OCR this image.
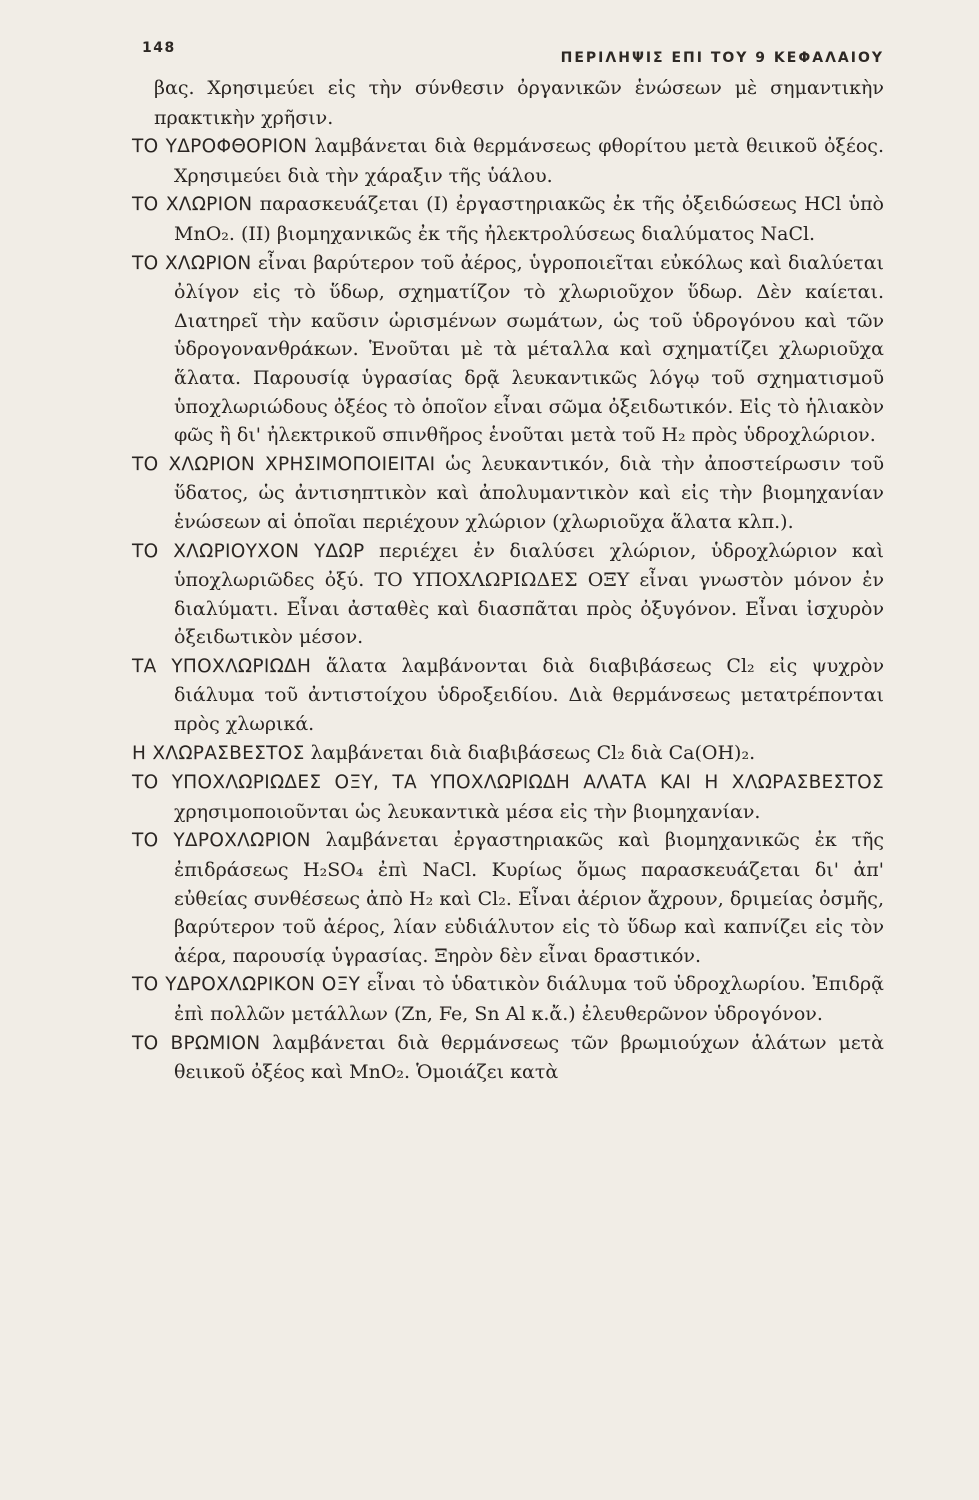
148
ΠΕΡΙΛΗΨΙΣ ΕΠΙ ΤΟΥ 9 ΚΕΦΑΛΑΙΟΥ

βας. Χρησιμεύει εἰς τὴν σύνθεσιν ὀργανικῶν ἑνώσεων μὲ σημαντικὴν πρακτικὴν χρῆσιν.

ΤΟ ΥΔΡΟΦΘΟΡΙΟΝ λαμβάνεται διὰ θερμάνσεως φθορίτου μετὰ θειικοῦ ὀξέος. Χρησιμεύει διὰ τὴν χάραξιν τῆς ὑάλου.

ΤΟ ΧΛΩΡΙΟΝ παρασκευάζεται (I) ἐργαστηριακῶς ἐκ τῆς ὀξειδώσεως HCl ὑπὸ MnO₂. (II) βιομηχανικῶς ἐκ τῆς ἠλεκτρολύσεως διαλύματος NaCl.

ΤΟ ΧΛΩΡΙΟΝ εἶναι βαρύτερον τοῦ ἀέρος, ὑγροποιεῖται εὐκόλως καὶ διαλύεται ὀλίγον εἰς τὸ ὕδωρ, σχηματίζον τὸ χλωριοῦχον ὕδωρ. Δὲν καίεται. Διατηρεῖ τὴν καῦσιν ὡρισμένων σωμάτων, ὡς τοῦ ὑδρογόνου καὶ τῶν ὑδρογονανθράκων. Ἑνοῦται μὲ τὰ μέταλλα καὶ σχηματίζει χλωριοῦχα ἅλατα. Παρουσίᾳ ὑγρασίας δρᾷ λευκαντικῶς λόγῳ τοῦ σχηματισμοῦ ὑποχλωριώδους ὀξέος τὸ ὁποῖον εἶναι σῶμα ὀξειδωτικόν. Εἰς τὸ ἡλιακὸν φῶς ἢ δι' ἠλεκτρικοῦ σπινθῆρος ἑνοῦται μετὰ τοῦ H₂ πρὸς ὑδροχλώριον.

ΤΟ ΧΛΩΡΙΟΝ ΧΡΗΣΙΜΟΠΟΙΕΙΤΑΙ ὡς λευκαντικόν, διὰ τὴν ἀποστείρωσιν τοῦ ὕδατος, ὡς ἀντισηπτικὸν καὶ ἀπολυμαντικὸν καὶ εἰς τὴν βιομηχανίαν ἑνώσεων αἱ ὁποῖαι περιέχουν χλώριον (χλωριοῦχα ἅλατα κλπ.).

ΤΟ ΧΛΩΡΙΟΥΧΟΝ ΥΔΩΡ περιέχει ἐν διαλύσει χλώριον, ὑδροχλώριον καὶ ὑποχλωριῶδες ὀξύ. ΤΟ ΥΠΟΧΛΩΡΙΩΔΕΣ ΟΞΥ εἶναι γνωστὸν μόνον ἐν διαλύματι. Εἶναι ἀσταθὲς καὶ διασπᾶται πρὸς ὀξυγόνον. Εἶναι ἰσχυρὸν ὀξειδωτικὸν μέσον.

ΤΑ ΥΠΟΧΛΩΡΙΩΔΗ ἅλατα λαμβάνονται διὰ διαβιβάσεως Cl₂ εἰς ψυχρὸν διάλυμα τοῦ ἀντιστοίχου ὑδροξειδίου. Διὰ θερμάνσεως μετατρέπονται πρὸς χλωρικά.

Η ΧΛΩΡΑΣΒΕΣΤΟΣ λαμβάνεται διὰ διαβιβάσεως Cl₂ διὰ Ca(OH)₂.

ΤΟ ΥΠΟΧΛΩΡΙΩΔΕΣ ΟΞΥ, ΤΑ ΥΠΟΧΛΩΡΙΩΔΗ ΑΛΑΤΑ ΚΑΙ Η ΧΛΩΡΑΣΒΕΣΤΟΣ χρησιμοποιοῦνται ὡς λευκαντικὰ μέσα εἰς τὴν βιομηχανίαν.

ΤΟ ΥΔΡΟΧΛΩΡΙΟΝ λαμβάνεται ἐργαστηριακῶς καὶ βιομηχανικῶς ἐκ τῆς ἐπιδράσεως H₂SO₄ ἐπὶ NaCl. Κυρίως ὅμως παρασκευάζεται δι' ἀπ' εὐθείας συνθέσεως ἀπὸ H₂ καὶ Cl₂. Εἶναι ἀέριον ἄχρουν, δριμείας ὀσμῆς, βαρύτερον τοῦ ἀέρος, λίαν εὐδιάλυτον εἰς τὸ ὕδωρ καὶ καπνίζει εἰς τὸν ἀέρα, παρουσίᾳ ὑγρασίας. Ξηρὸν δὲν εἶναι δραστικόν.

ΤΟ ΥΔΡΟΧΛΩΡΙΚΟΝ ΟΞΥ εἶναι τὸ ὑδατικὸν διάλυμα τοῦ ὑδροχλωρίου. Ἐπιδρᾷ ἐπὶ πολλῶν μετάλλων (Zn, Fe, Sn Al κ.ἄ.) ἐλευθερῶνον ὑδρογόνον.

ΤΟ ΒΡΩΜΙΟΝ λαμβάνεται διὰ θερμάνσεως τῶν βρωμιούχων ἁλάτων μετὰ θειικοῦ ὀξέος καὶ MnO₂. Ὁμοιάζει κατὰ
